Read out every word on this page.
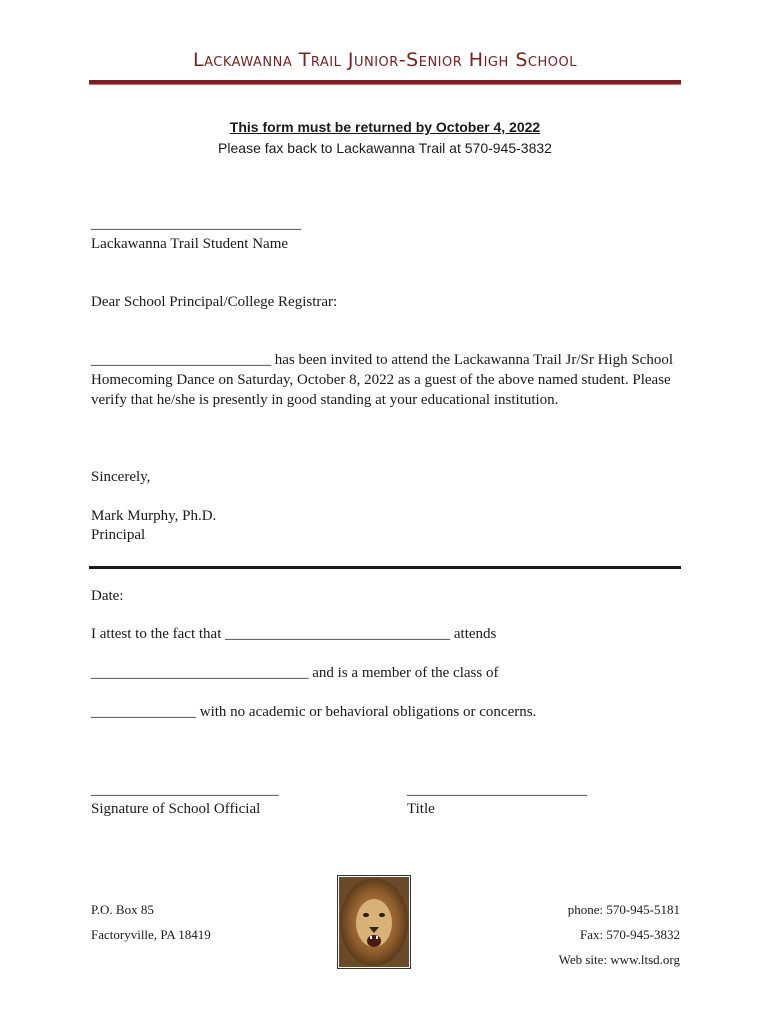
Lackawanna Trail Junior-Senior High School
This form must be returned by October 4, 2022
Please fax back to Lackawanna Trail at 570-945-3832
____________________________
Lackawanna Trail Student Name
Dear School Principal/College Registrar:
________________________ has been invited to attend the Lackawanna Trail Jr/Sr High School Homecoming Dance on Saturday, October 8, 2022 as a guest of the above named student. Please verify that he/she is presently in good standing at your educational institution.
Sincerely,
Mark Murphy, Ph.D.
Principal
Date:
I attest to the fact that ______________________________ attends
_____________________________ and is a member of the class of
______________ with no academic or behavioral obligations or concerns.
_________________________
Signature of School Official
________________________
Title
P.O. Box 85
Factoryville, PA 18419
phone: 570-945-5181
Fax: 570-945-3832
Web site: www.ltsd.org
